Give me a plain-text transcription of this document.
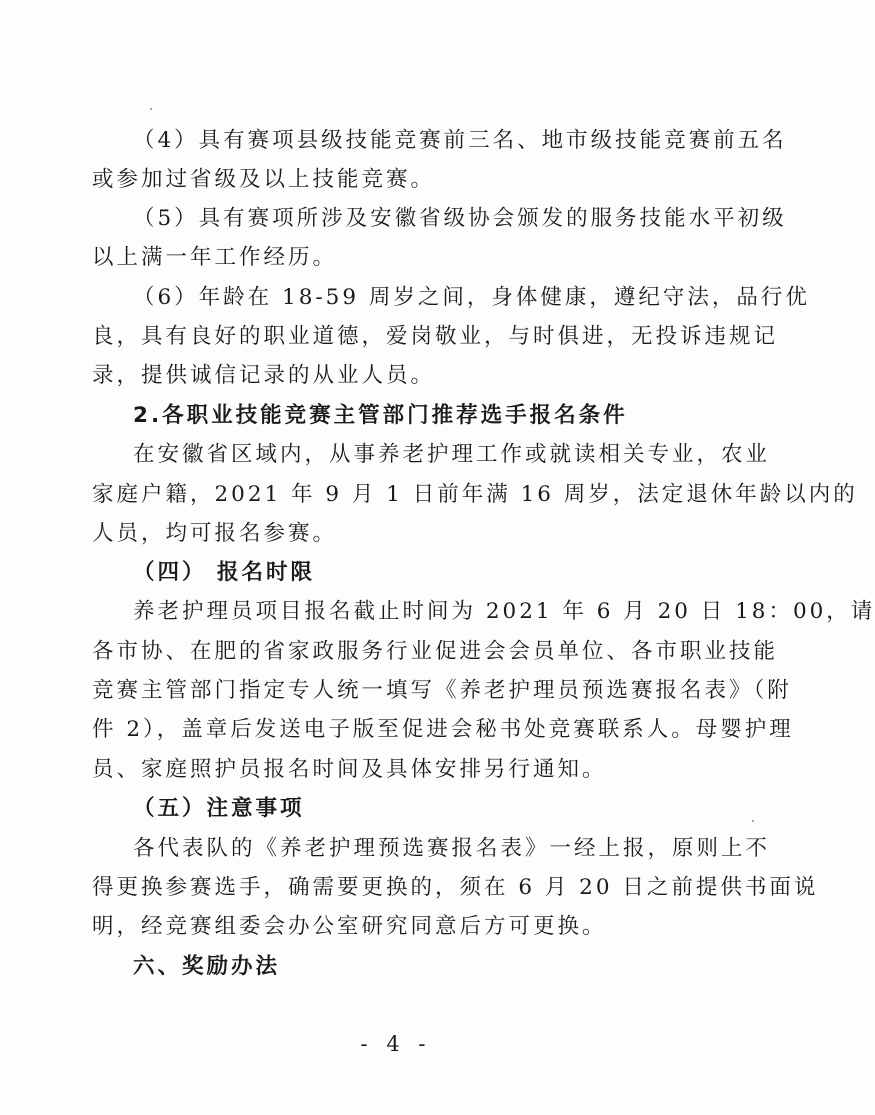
（4）具有赛项县级技能竞赛前三名、地市级技能竞赛前五名
或参加过省级及以上技能竞赛。
（5）具有赛项所涉及安徽省级协会颁发的服务技能水平初级
以上满一年工作经历。
（6）年龄在 18-59 周岁之间，身体健康，遵纪守法，品行优
良，具有良好的职业道德，爱岗敬业，与时俱进，无投诉违规记
录，提供诚信记录的从业人员。
2.各职业技能竞赛主管部门推荐选手报名条件
在安徽省区域内，从事养老护理工作或就读相关专业，农业
家庭户籍，2021 年 9 月 1 日前年满 16 周岁，法定退休年龄以内的
人员，均可报名参赛。
（四） 报名时限
养老护理员项目报名截止时间为 2021 年 6 月 20 日 18：00，请
各市协、在肥的省家政服务行业促进会会员单位、各市职业技能
竞赛主管部门指定专人统一填写《养老护理员预选赛报名表》（附
件 2），盖章后发送电子版至促进会秘书处竞赛联系人。母婴护理
员、家庭照护员报名时间及具体安排另行通知。
（五）注意事项
各代表队的《养老护理预选赛报名表》一经上报，原则上不
得更换参赛选手，确需要更换的，须在 6 月 20 日之前提供书面说
明，经竞赛组委会办公室研究同意后方可更换。
六、奖励办法
- 4 -
